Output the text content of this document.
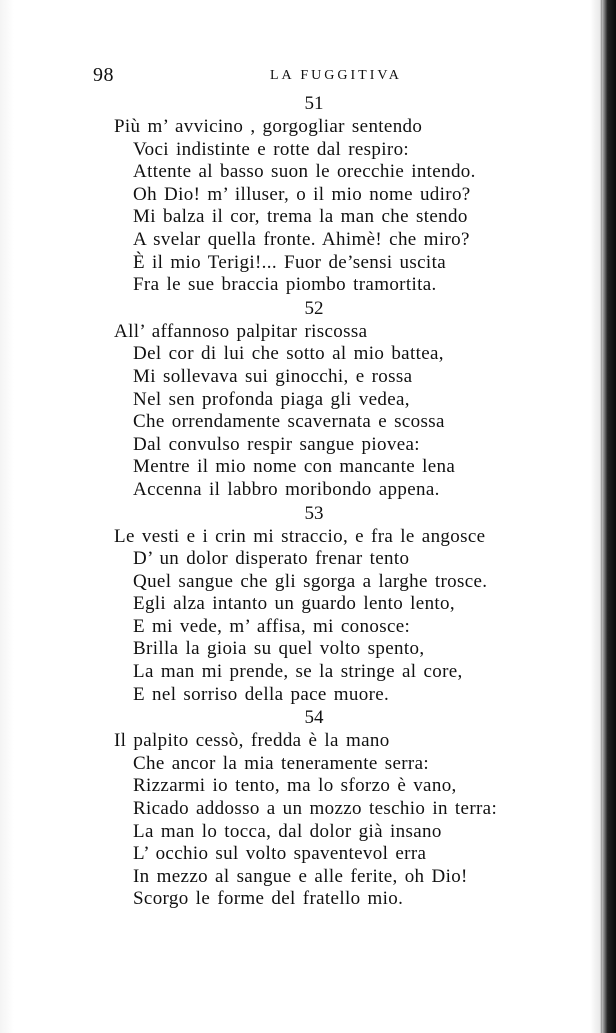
98	LA FUGGITIVA
51
Più m’ avvicino , gorgogliar sentendo
Voci indistinte e rotte dal respiro:
Attente al basso suon le orecchie intendo.
Oh Dio! m’ illuser, o il mio nome udiro?
Mi balza il cor, trema la man che stendo
A svelar quella fronte. Ahimè! che miro?
È il mio Terigi!... Fuor de’sensi uscita
Fra le sue braccia piombo tramortita.
52
All’ affannoso palpitar riscossa
Del cor di lui che sotto al mio battea,
Mi sollevava sui ginocchi, e rossa
Nel sen profonda piaga gli vedea,
Che orrendamente scavernata e scossa
Dal convulso respir sangue piovea:
Mentre il mio nome con mancante lena
Accenna il labbro moribondo appena.
53
Le vesti e i crin mi straccio, e fra le angosce
D’ un dolor disperato frenar tento
Quel sangue che gli sgorga a larghe trosce.
Egli alza intanto un guardo lento lento,
E mi vede, m’ affisa, mi conosce:
Brilla la gioia su quel volto spento,
La man mi prende, se la stringe al core,
E nel sorriso della pace muore.
54
Il palpito cessò, fredda è la mano
Che ancor la mia teneramente serra:
Rizzarmi io tento, ma lo sforzo è vano,
Ricado addosso a un mozzo teschio in terra:
La man lo tocca, dal dolor già insano
L’ occhio sul volto spaventevol erra
In mezzo al sangue e alle ferite, oh Dio!
Scorgo le forme del fratello mio.
